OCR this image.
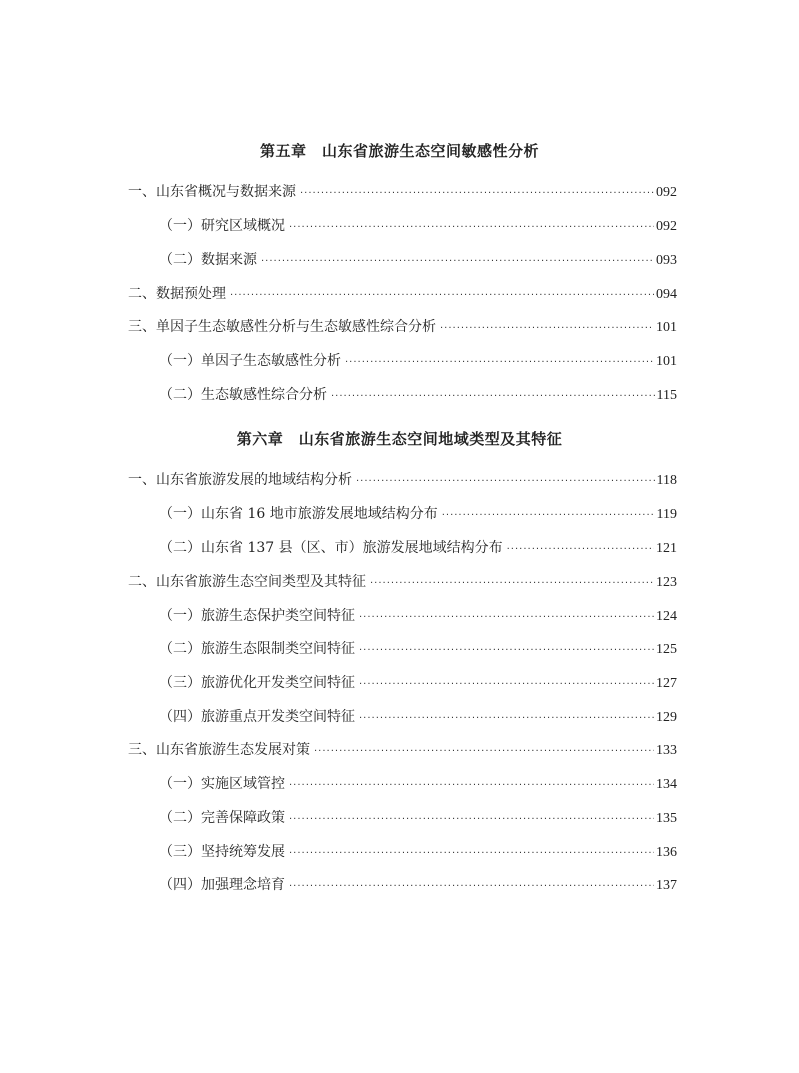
第五章　山东省旅游生态空间敏感性分析
一、山东省概况与数据来源 ·····	092
（一）研究区域概况 ·····	092
（二）数据来源 ·····	093
二、数据预处理 ·····	094
三、单因子生态敏感性分析与生态敏感性综合分析 ·····	101
（一）单因子生态敏感性分析 ·····	101
（二）生态敏感性综合分析 ·····	115
第六章　山东省旅游生态空间地域类型及其特征
一、山东省旅游发展的地域结构分析 ·····	118
（一）山东省 16 地市旅游发展地域结构分布 ·····	119
（二）山东省 137 县（区、市）旅游发展地域结构分布 ·····	121
二、山东省旅游生态空间类型及其特征 ·····	123
（一）旅游生态保护类空间特征 ·····	124
（二）旅游生态限制类空间特征 ·····	125
（三）旅游优化开发类空间特征 ·····	127
（四）旅游重点开发类空间特征 ·····	129
三、山东省旅游生态发展对策 ·····	133
（一）实施区域管控 ·····	134
（二）完善保障政策 ·····	135
（三）坚持统筹发展 ·····	136
（四）加强理念培育 ·····	137
